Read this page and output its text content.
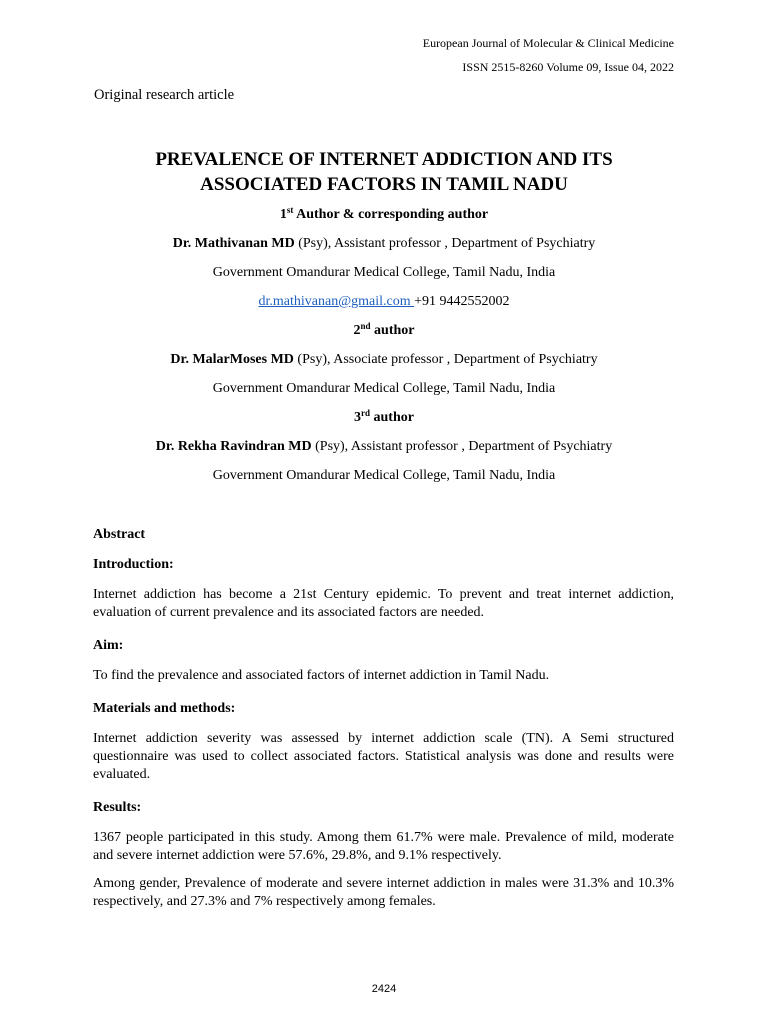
European Journal of Molecular & Clinical Medicine
ISSN 2515-8260 Volume 09, Issue 04, 2022
Original research article
PREVALENCE OF INTERNET ADDICTION AND ITS
ASSOCIATED FACTORS IN TAMIL NADU
1st Author & corresponding author
Dr. Mathivanan MD (Psy), Assistant professor , Department of Psychiatry
Government Omandurar Medical College, Tamil Nadu, India
dr.mathivanan@gmail.com +91 9442552002
2nd author
Dr. MalarMoses MD (Psy), Associate professor , Department of Psychiatry
Government Omandurar Medical College, Tamil Nadu, India
3rd author
Dr. Rekha Ravindran MD (Psy), Assistant professor , Department of Psychiatry
Government Omandurar Medical College, Tamil Nadu, India
Abstract
Introduction:

Internet addiction has become a 21st Century epidemic. To prevent and treat internet addiction, evaluation of current prevalence and its associated factors are needed.

Aim:

To find the prevalence and associated factors of internet addiction in Tamil Nadu.

Materials and methods:

Internet addiction severity was assessed by internet addiction scale (TN). A Semi structured questionnaire was used to collect associated factors. Statistical analysis was done and results were evaluated.

Results:

1367 people participated in this study. Among them 61.7% were male. Prevalence of mild, moderate and severe internet addiction were 57.6%, 29.8%, and 9.1% respectively.

Among gender, Prevalence of moderate and severe internet addiction in males were 31.3% and 10.3% respectively, and 27.3% and 7% respectively among females.

2424
